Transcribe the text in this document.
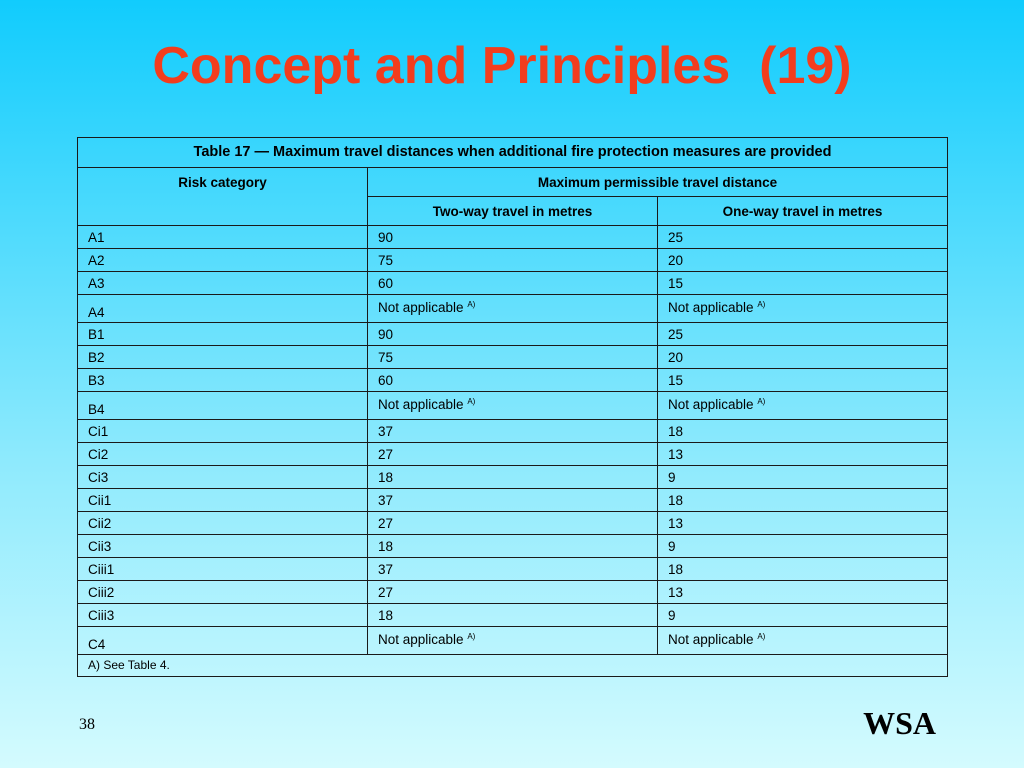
Concept and Principles  (19)
Table 17 — Maximum travel distances when additional fire protection measures are provided		
Risk category	Maximum permissible travel distance	
	Two-way travel in metres	One-way travel in metres
A1	90	25
A2	75	20
A3	60	15
A4	Not applicable $^{A)}$	Not applicable $^{A)}$
B1	90	25
B2	75	20
B3	60	15
B4	Not applicable $^{A)}$	Not applicable $^{A)}$
Ci1	37	18
Ci2	27	13
Ci3	18	9
Cii1	37	18
Cii2	27	13
Cii3	18	9
Ciii1	37	18
Ciii2	27	13
Ciii3	18	9
C4	Not applicable $^{A)}$	Not applicable $^{A)}$
A) See Table 4.		
38	WSA
